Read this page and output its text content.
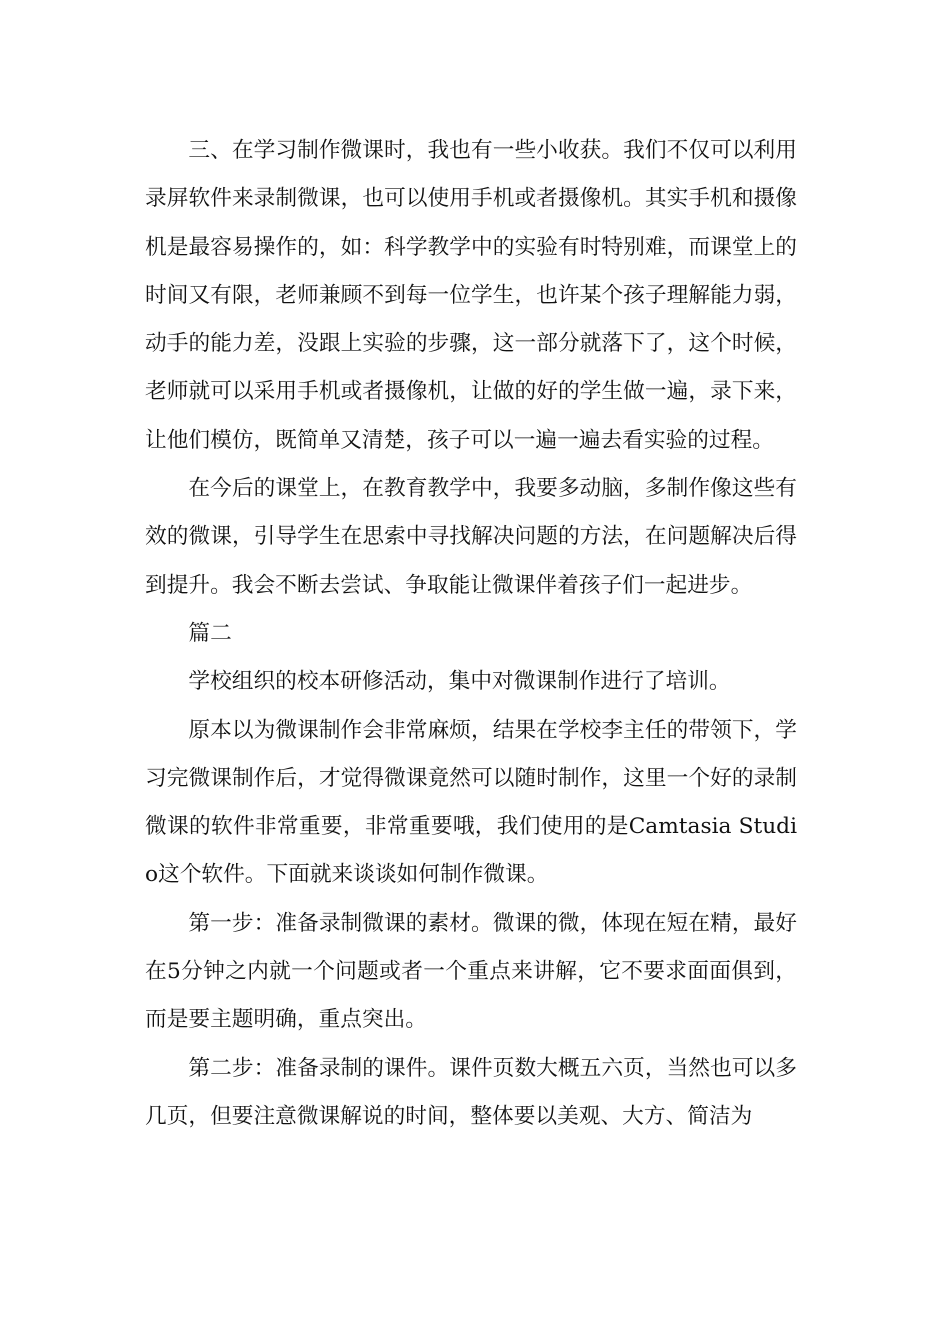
三、在学习制作微课时，我也有一些小收获。我们不仅可以利用录屏软件来录制微课，也可以使用手机或者摄像机。其实手机和摄像机是最容易操作的，如：科学教学中的实验有时特别难，而课堂上的时间又有限，老师兼顾不到每一位学生，也许某个孩子理解能力弱，动手的能力差，没跟上实验的步骤，这一部分就落下了，这个时候，老师就可以采用手机或者摄像机，让做的好的学生做一遍，录下来，让他们模仿，既简单又清楚，孩子可以一遍一遍去看实验的过程。

在今后的课堂上，在教育教学中，我要多动脑，多制作像这些有效的微课，引导学生在思索中寻找解决问题的方法，在问题解决后得到提升。我会不断去尝试、争取能让微课伴着孩子们一起进步。

篇二

学校组织的校本研修活动，集中对微课制作进行了培训。

原本以为微课制作会非常麻烦，结果在学校李主任的带领下，学习完微课制作后，才觉得微课竟然可以随时制作，这里一个好的录制微课的软件非常重要，非常重要哦，我们使用的是Camtasia Studio这个软件。下面就来谈谈如何制作微课。

第一步：准备录制微课的素材。微课的微，体现在短在精，最好在5分钟之内就一个问题或者一个重点来讲解，它不要求面面俱到，而是要主题明确，重点突出。

第二步：准备录制的课件。课件页数大概五六页，当然也可以多几页，但要注意微课解说的时间，整体要以美观、大方、简洁为
